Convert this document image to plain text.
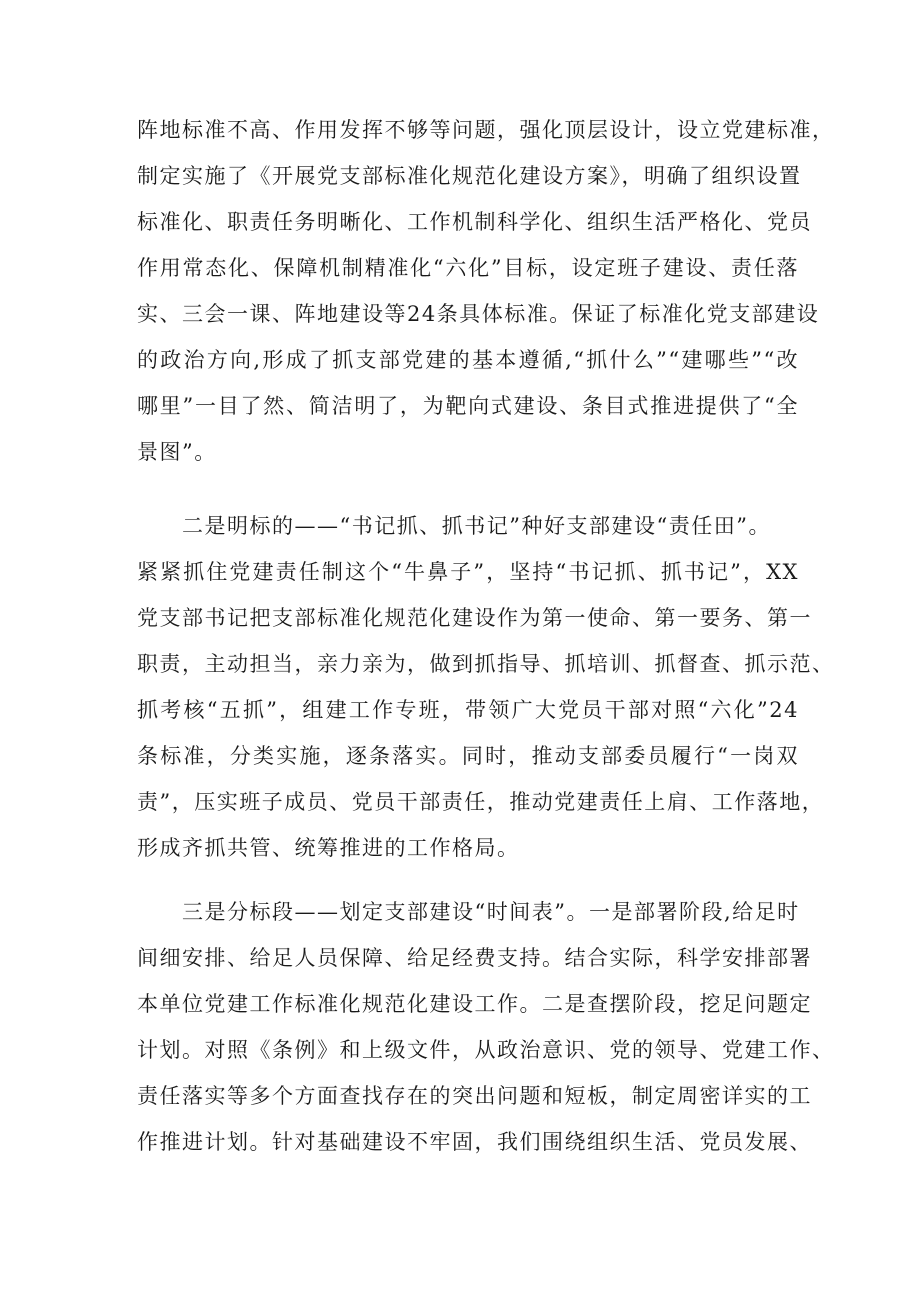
阵地标准不高、作用发挥不够等问题，强化顶层设计，设立党建标准，
制定实施了《开展党支部标准化规范化建设方案》，明确了组织设置
标准化、职责任务明晰化、工作机制科学化、组织生活严格化、党员
作用常态化、保障机制精准化“六化”目标，设定班子建设、责任落
实、三会一课、阵地建设等24条具体标准。保证了标准化党支部建设
的政治方向,形成了抓支部党建的基本遵循,“抓什么”“建哪些”“改
哪里”一目了然、简洁明了，为靶向式建设、条目式推进提供了“全
景图”。
　　二是明标的——“书记抓、抓书记”种好支部建设“责任田”。
紧紧抓住党建责任制这个“牛鼻子”，坚持“书记抓、抓书记”，XX
党支部书记把支部标准化规范化建设作为第一使命、第一要务、第一
职责，主动担当，亲力亲为，做到抓指导、抓培训、抓督查、抓示范、
抓考核“五抓”，组建工作专班，带领广大党员干部对照“六化”24
条标准，分类实施，逐条落实。同时，推动支部委员履行“一岗双
责”，压实班子成员、党员干部责任，推动党建责任上肩、工作落地，
形成齐抓共管、统筹推进的工作格局。
　　三是分标段——划定支部建设“时间表”。一是部署阶段,给足时
间细安排、给足人员保障、给足经费支持。结合实际，科学安排部署
本单位党建工作标准化规范化建设工作。二是查摆阶段，挖足问题定
计划。对照《条例》和上级文件，从政治意识、党的领导、党建工作、
责任落实等多个方面查找存在的突出问题和短板，制定周密详实的工
作推进计划。针对基础建设不牢固，我们围绕组织生活、党员发展、
